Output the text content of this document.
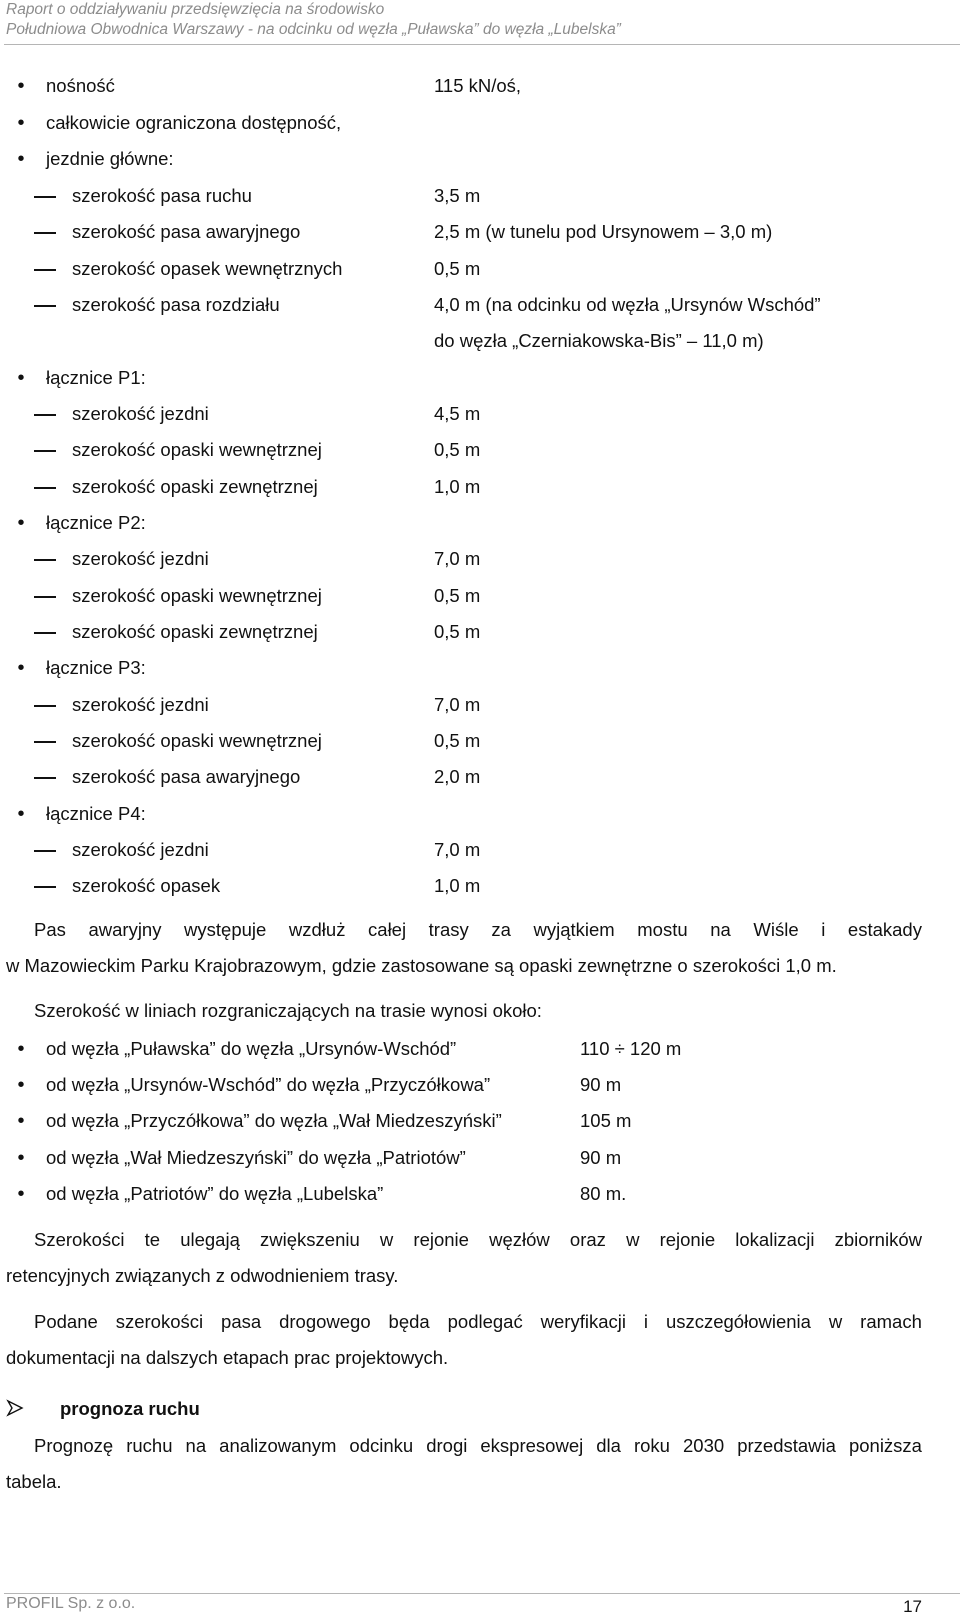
Raport o oddziaływaniu przedsięwzięcia na środowisko
Południowa Obwodnica Warszawy - na odcinku od węzła „Puławska” do węzła „Lubelska”
•	nośność	115 kN/oś,
•	całkowicie ograniczona dostępność,
•	jezdnie główne:
szerokość pasa ruchu	3,5 m
szerokość pasa awaryjnego	2,5 m (w tunelu pod Ursynowem – 3,0 m)
szerokość opasek wewnętrznych	0,5 m
szerokość pasa rozdziału	4,0 m (na odcinku od węzła „Ursynów Wschód”
do węzła „Czerniakowska-Bis” – 11,0 m)
•	łącznice P1:
szerokość jezdni	4,5 m
szerokość opaski wewnętrznej	0,5 m
szerokość opaski zewnętrznej	1,0 m
•	łącznice P2:
szerokość jezdni	7,0 m
szerokość opaski wewnętrznej	0,5 m
szerokość opaski zewnętrznej	0,5 m
•	łącznice P3:
szerokość jezdni	7,0 m
szerokość opaski wewnętrznej	0,5 m
szerokość pasa awaryjnego	2,0 m
•	łącznice P4:
szerokość jezdni	7,0 m
szerokość opasek	1,0 m
Pas awaryjny występuje wzdłuż całej trasy za wyjątkiem mostu na Wiśle i estakady
w Mazowieckim Parku Krajobrazowym, gdzie zastosowane są opaski zewnętrzne o szerokości 1,0 m.
Szerokość w liniach rozgraniczających na trasie wynosi około:
•	od węzła „Puławska” do węzła „Ursynów-Wschód”	110 ÷ 120 m
•	od węzła „Ursynów-Wschód” do węzła „Przyczółkowa”	90 m
•	od węzła „Przyczółkowa” do węzła „Wał Miedzeszyński”	105 m
•	od węzła „Wał Miedzeszyński” do węzła „Patriotów”	90 m
•	od węzła „Patriotów” do węzła „Lubelska”	80 m.
Szerokości te ulegają zwiększeniu w rejonie węzłów oraz w rejonie lokalizacji zbiorników
retencyjnych związanych z odwodnieniem trasy.
Podane szerokości pasa drogowego będa podlegać weryfikacji i uszczegółowienia w ramach
dokumentacji na dalszych etapach prac projektowych.
prognoza ruchu
Prognozę ruchu na analizowanym odcinku drogi ekspresowej dla roku 2030 przedstawia poniższa
tabela.
PROFIL Sp. z o.o.	17
